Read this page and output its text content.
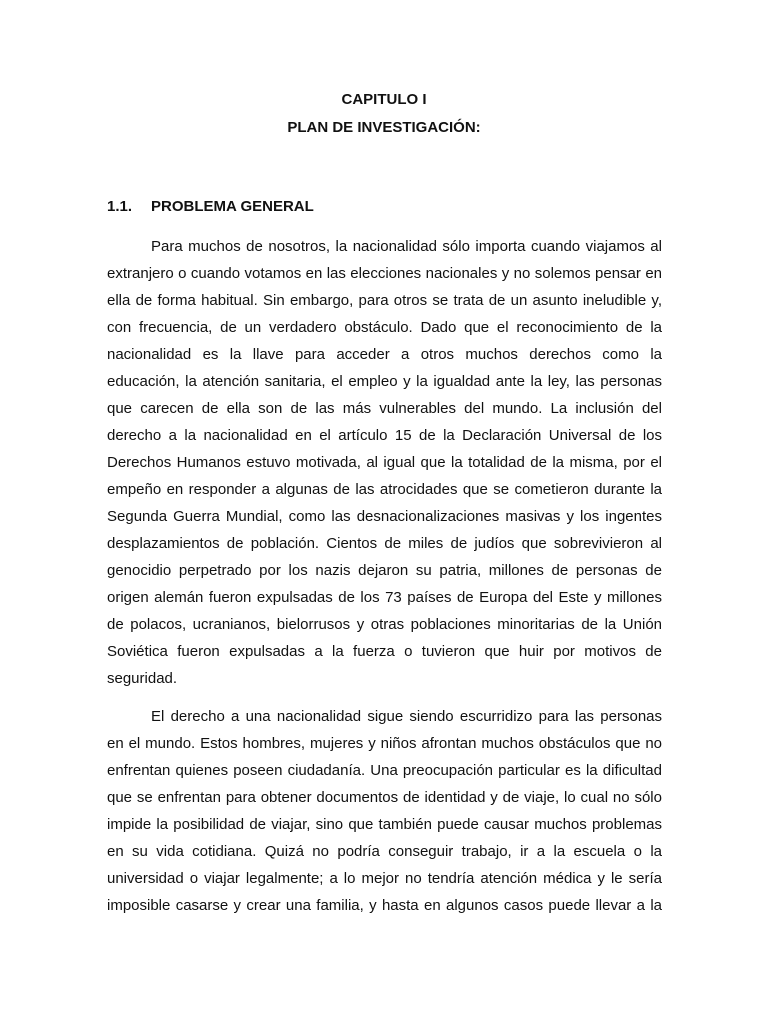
CAPITULO I
PLAN DE INVESTIGACIÓN:
1.1. PROBLEMA GENERAL
Para muchos de nosotros, la nacionalidad sólo importa cuando viajamos al
extranjero o cuando votamos en las elecciones nacionales y no solemos pensar en
ella de forma habitual. Sin embargo, para otros se trata de un asunto ineludible y,
con frecuencia, de un verdadero obstáculo. Dado que el reconocimiento de la
nacionalidad es la llave para acceder a otros muchos derechos como la
educación, la atención sanitaria, el empleo y la igualdad ante la ley, las personas
que carecen de ella son de las más vulnerables del mundo. La inclusión del
derecho a la nacionalidad en el artículo 15 de la Declaración Universal de los
Derechos Humanos estuvo motivada, al igual que la totalidad de la misma, por el
empeño en responder a algunas de las atrocidades que se cometieron durante la
Segunda Guerra Mundial, como las desnacionalizaciones masivas y los ingentes
desplazamientos de población. Cientos de miles de judíos que sobrevivieron al
genocidio perpetrado por los nazis dejaron su patria, millones de personas de
origen alemán fueron expulsadas de los 73 países de Europa del Este y millones
de polacos, ucranianos, bielorrusos y otras poblaciones minoritarias de la Unión
Soviética fueron expulsadas a la fuerza o tuvieron que huir por motivos de
seguridad.
El derecho a una nacionalidad sigue siendo escurridizo para las personas
en el mundo. Estos hombres, mujeres y niños afrontan muchos obstáculos que no
enfrentan quienes poseen ciudadanía. Una preocupación particular es la dificultad
que se enfrentan para obtener documentos de identidad y de viaje, lo cual no sólo
impide la posibilidad de viajar, sino que también puede causar muchos problemas
en su vida cotidiana. Quizá no podría conseguir trabajo, ir a la escuela o la
universidad o viajar legalmente; a lo mejor no tendría atención médica y le sería
imposible casarse y crear una familia, y hasta en algunos casos puede llevar a la
